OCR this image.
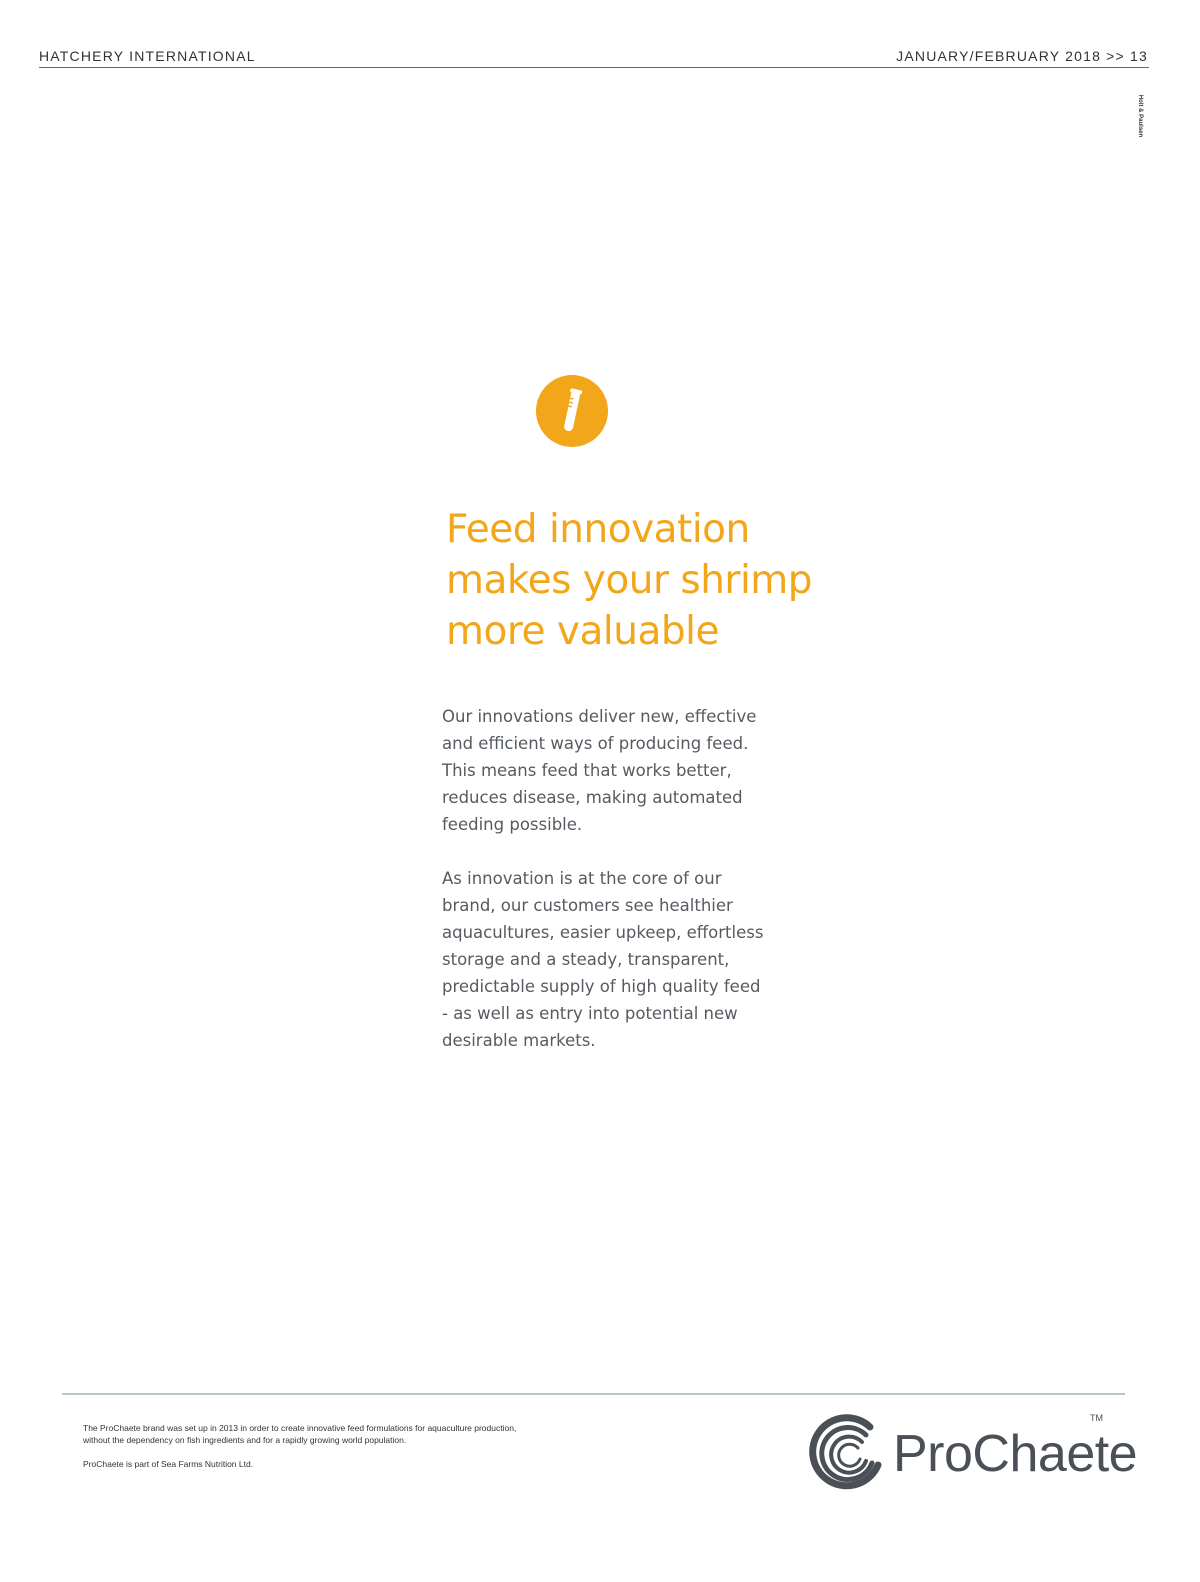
HATCHERY INTERNATIONAL	JANUARY/FEBRUARY 2018 >> 13
Holt & Paulsen
Feed innovation
makes your shrimp
more valuable

Our innovations deliver new, effective
and efficient ways of producing feed.
This means feed that works better,
reduces disease, making automated
feeding possible.

As innovation is at the core of our
brand, our customers see healthier
aquacultures, easier upkeep, effortless
storage and a steady, transparent,
predictable supply of high quality feed
- as well as entry into potential new
desirable markets.

The ProChaete brand was set up in 2013 in order to create innovative feed formulations for aquaculture production,
without the dependency on fish ingredients and for a rapidly growing world population.

ProChaete is part of Sea Farms Nutrition Ltd.	ProChaete
TM
